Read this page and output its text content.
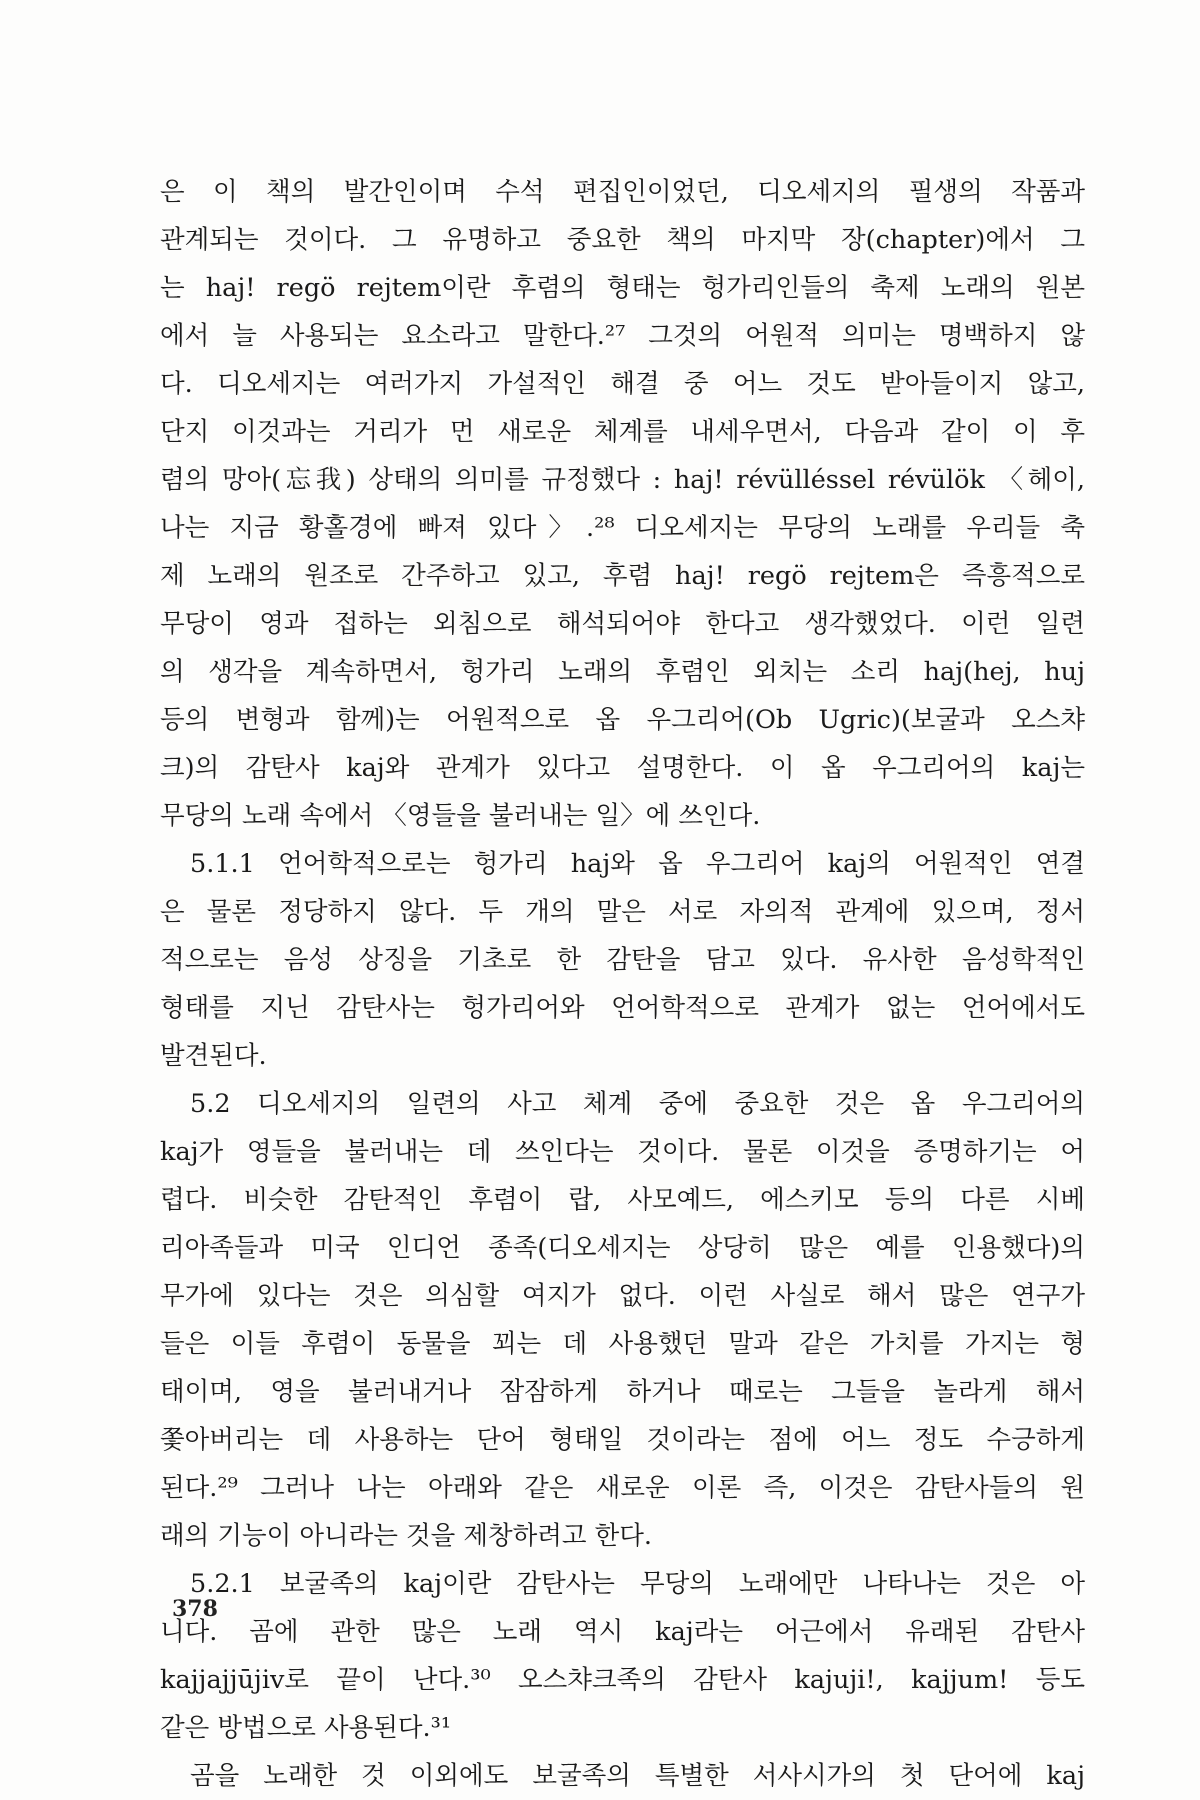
은 이 책의 발간인이며 수석 편집인이었던, 디오세지의 필생의 작품과
관계되는 것이다. 그 유명하고 중요한 책의 마지막 장(chapter)에서 그
는 haj! regö rejtem이란 후렴의 형태는 헝가리인들의 축제 노래의 원본
에서 늘 사용되는 요소라고 말한다.²⁷ 그것의 어원적 의미는 명백하지 않
다. 디오세지는 여러가지 가설적인 해결 중 어느 것도 받아들이지 않고,
단지 이것과는 거리가 먼 새로운 체계를 내세우면서, 다음과 같이 이 후
렴의 망아(忘我) 상태의 의미를 규정했다 : haj! révülléssel révülök 〈헤이,
나는 지금 황홀경에 빠져 있다〉.²⁸ 디오세지는 무당의 노래를 우리들 축
제 노래의 원조로 간주하고 있고, 후렴 haj! regö rejtem은 즉흥적으로
무당이 영과 접하는 외침으로 해석되어야 한다고 생각했었다. 이런 일련
의 생각을 계속하면서, 헝가리 노래의 후렴인 외치는 소리 haj(hej, huj
등의 변형과 함께)는 어원적으로 옵 우그리어(Ob Ugric)(보굴과 오스챠
크)의 감탄사 kaj와 관계가 있다고 설명한다. 이 옵 우그리어의 kaj는
무당의 노래 속에서 〈영들을 불러내는 일〉에 쓰인다.
5.1.1 언어학적으로는 헝가리 haj와 옵 우그리어 kaj의 어원적인 연결
은 물론 정당하지 않다. 두 개의 말은 서로 자의적 관계에 있으며, 정서
적으로는 음성 상징을 기초로 한 감탄을 담고 있다. 유사한 음성학적인
형태를 지닌 감탄사는 헝가리어와 언어학적으로 관계가 없는 언어에서도
발견된다.
5.2 디오세지의 일련의 사고 체계 중에 중요한 것은 옵 우그리어의
kaj가 영들을 불러내는 데 쓰인다는 것이다. 물론 이것을 증명하기는 어
렵다. 비슷한 감탄적인 후렴이 랍, 사모예드, 에스키모 등의 다른 시베
리아족들과 미국 인디언 종족(디오세지는 상당히 많은 예를 인용했다)의
무가에 있다는 것은 의심할 여지가 없다. 이런 사실로 해서 많은 연구가
들은 이들 후렴이 동물을 꾀는 데 사용했던 말과 같은 가치를 가지는 형
태이며, 영을 불러내거나 잠잠하게 하거나 때로는 그들을 놀라게 해서
쫓아버리는 데 사용하는 단어 형태일 것이라는 점에 어느 정도 수긍하게
된다.²⁹ 그러나 나는 아래와 같은 새로운 이론 즉, 이것은 감탄사들의 원
래의 기능이 아니라는 것을 제창하려고 한다.
5.2.1 보굴족의 kaj이란 감탄사는 무당의 노래에만 나타나는 것은 아
니다. 곰에 관한 많은 노래 역시 kaj라는 어근에서 유래된 감탄사
kajjajjūjiv로 끝이 난다.³⁰ 오스챠크족의 감탄사 kajuji!, kajjum! 등도
같은 방법으로 사용된다.³¹
곰을 노래한 것 이외에도 보굴족의 특별한 서사시가의 첫 단어에 kaj
378
